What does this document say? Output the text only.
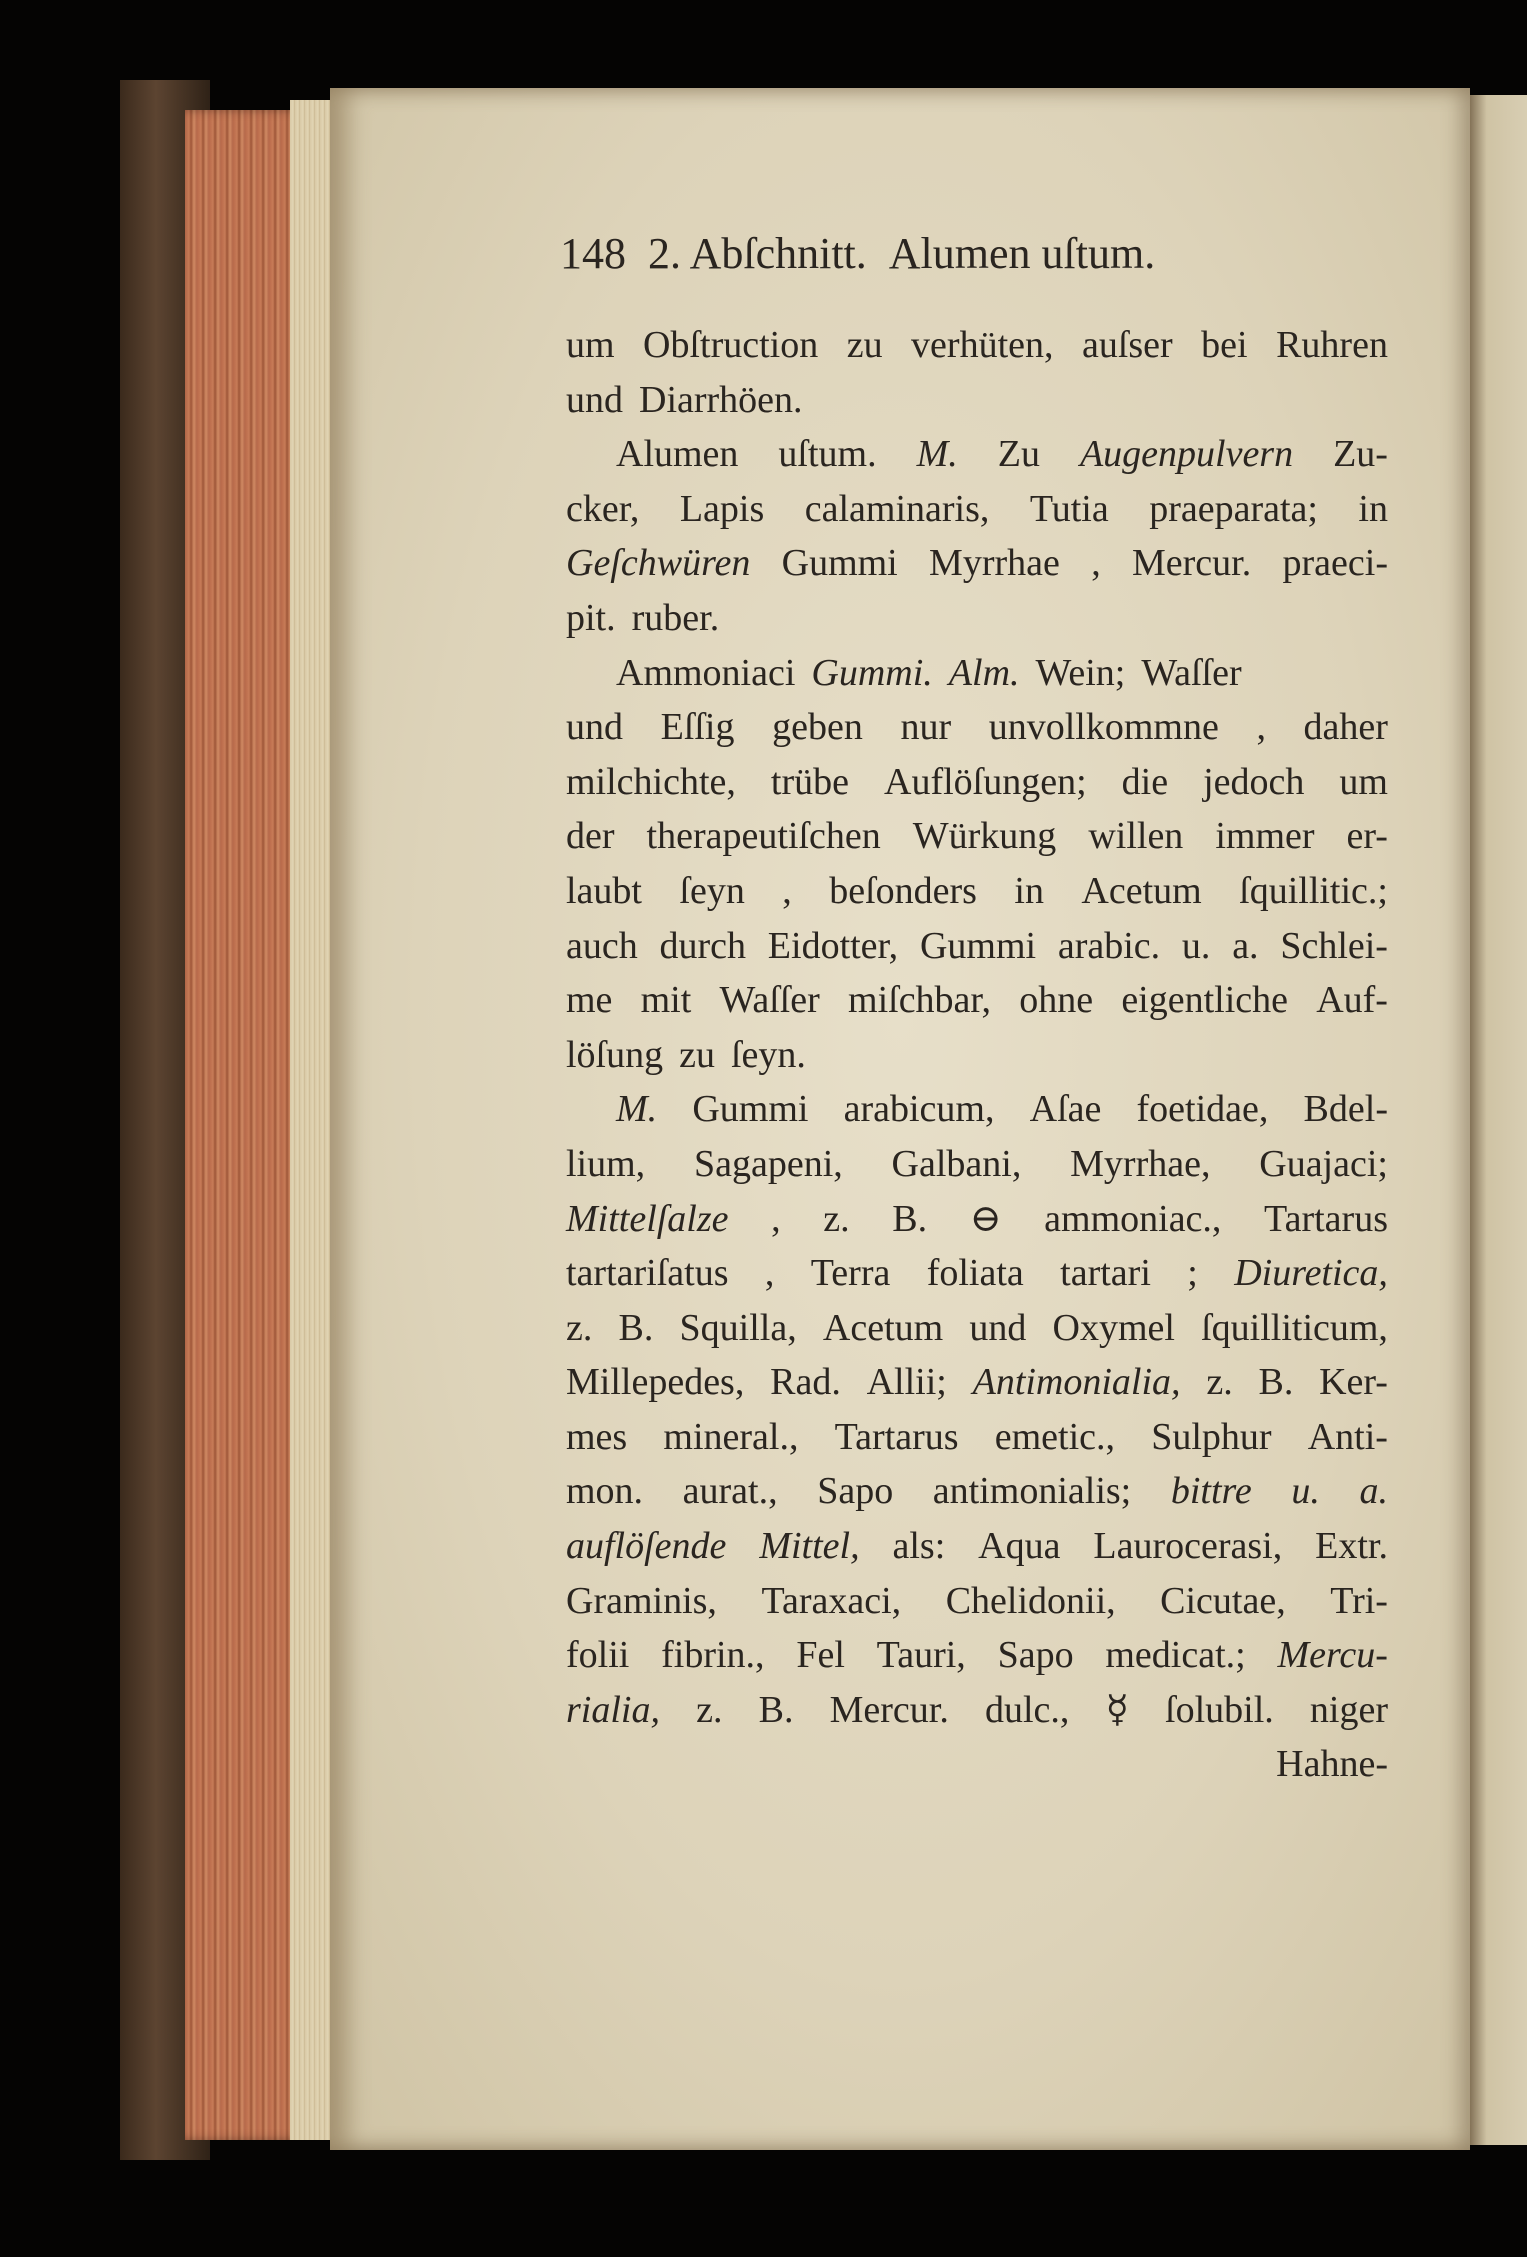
148 2. Abſchnitt. Alumen uſtum.
um Obſtruction zu verhüten, auſser bei Ruhren
und Diarrhöen.
Alumen uſtum. M. Zu Augenpulvern Zu-
cker, Lapis calaminaris, Tutia praeparata; in
Geſchwüren Gummi Myrrhae , Mercur. praeci-
pit. ruber.
Ammoniaci Gummi. Alm. Wein; Waſſer
und Eſſig geben nur unvollkommne , daher
milchichte, trübe Auflöſungen; die jedoch um
der therapeutiſchen Würkung willen immer er-
laubt ſeyn , beſonders in Acetum ſquillitic.;
auch durch Eidotter, Gummi arabic. u. a. Schlei-
me mit Waſſer miſchbar, ohne eigentliche Auf-
löſung zu ſeyn.
M. Gummi arabicum, Aſae foetidae, Bdel-
lium, Sagapeni, Galbani, Myrrhae, Guajaci;
Mittelſalze , z. B. ⊖ ammoniac., Tartarus
tartariſatus , Terra foliata tartari ; Diuretica,
z. B. Squilla, Acetum und Oxymel ſquilliticum,
Millepedes, Rad. Allii; Antimonialia, z. B. Ker-
mes mineral., Tartarus emetic., Sulphur Anti-
mon. aurat., Sapo antimonialis; bittre u. a.
auflöſende Mittel, als: Aqua Laurocerasi, Extr.
Graminis, Taraxaci, Chelidonii, Cicutae, Tri-
folii fibrin., Fel Tauri, Sapo medicat.; Mercu-
rialia, z. B. Mercur. dulc., ☿ ſolubil. niger
Hahne-
